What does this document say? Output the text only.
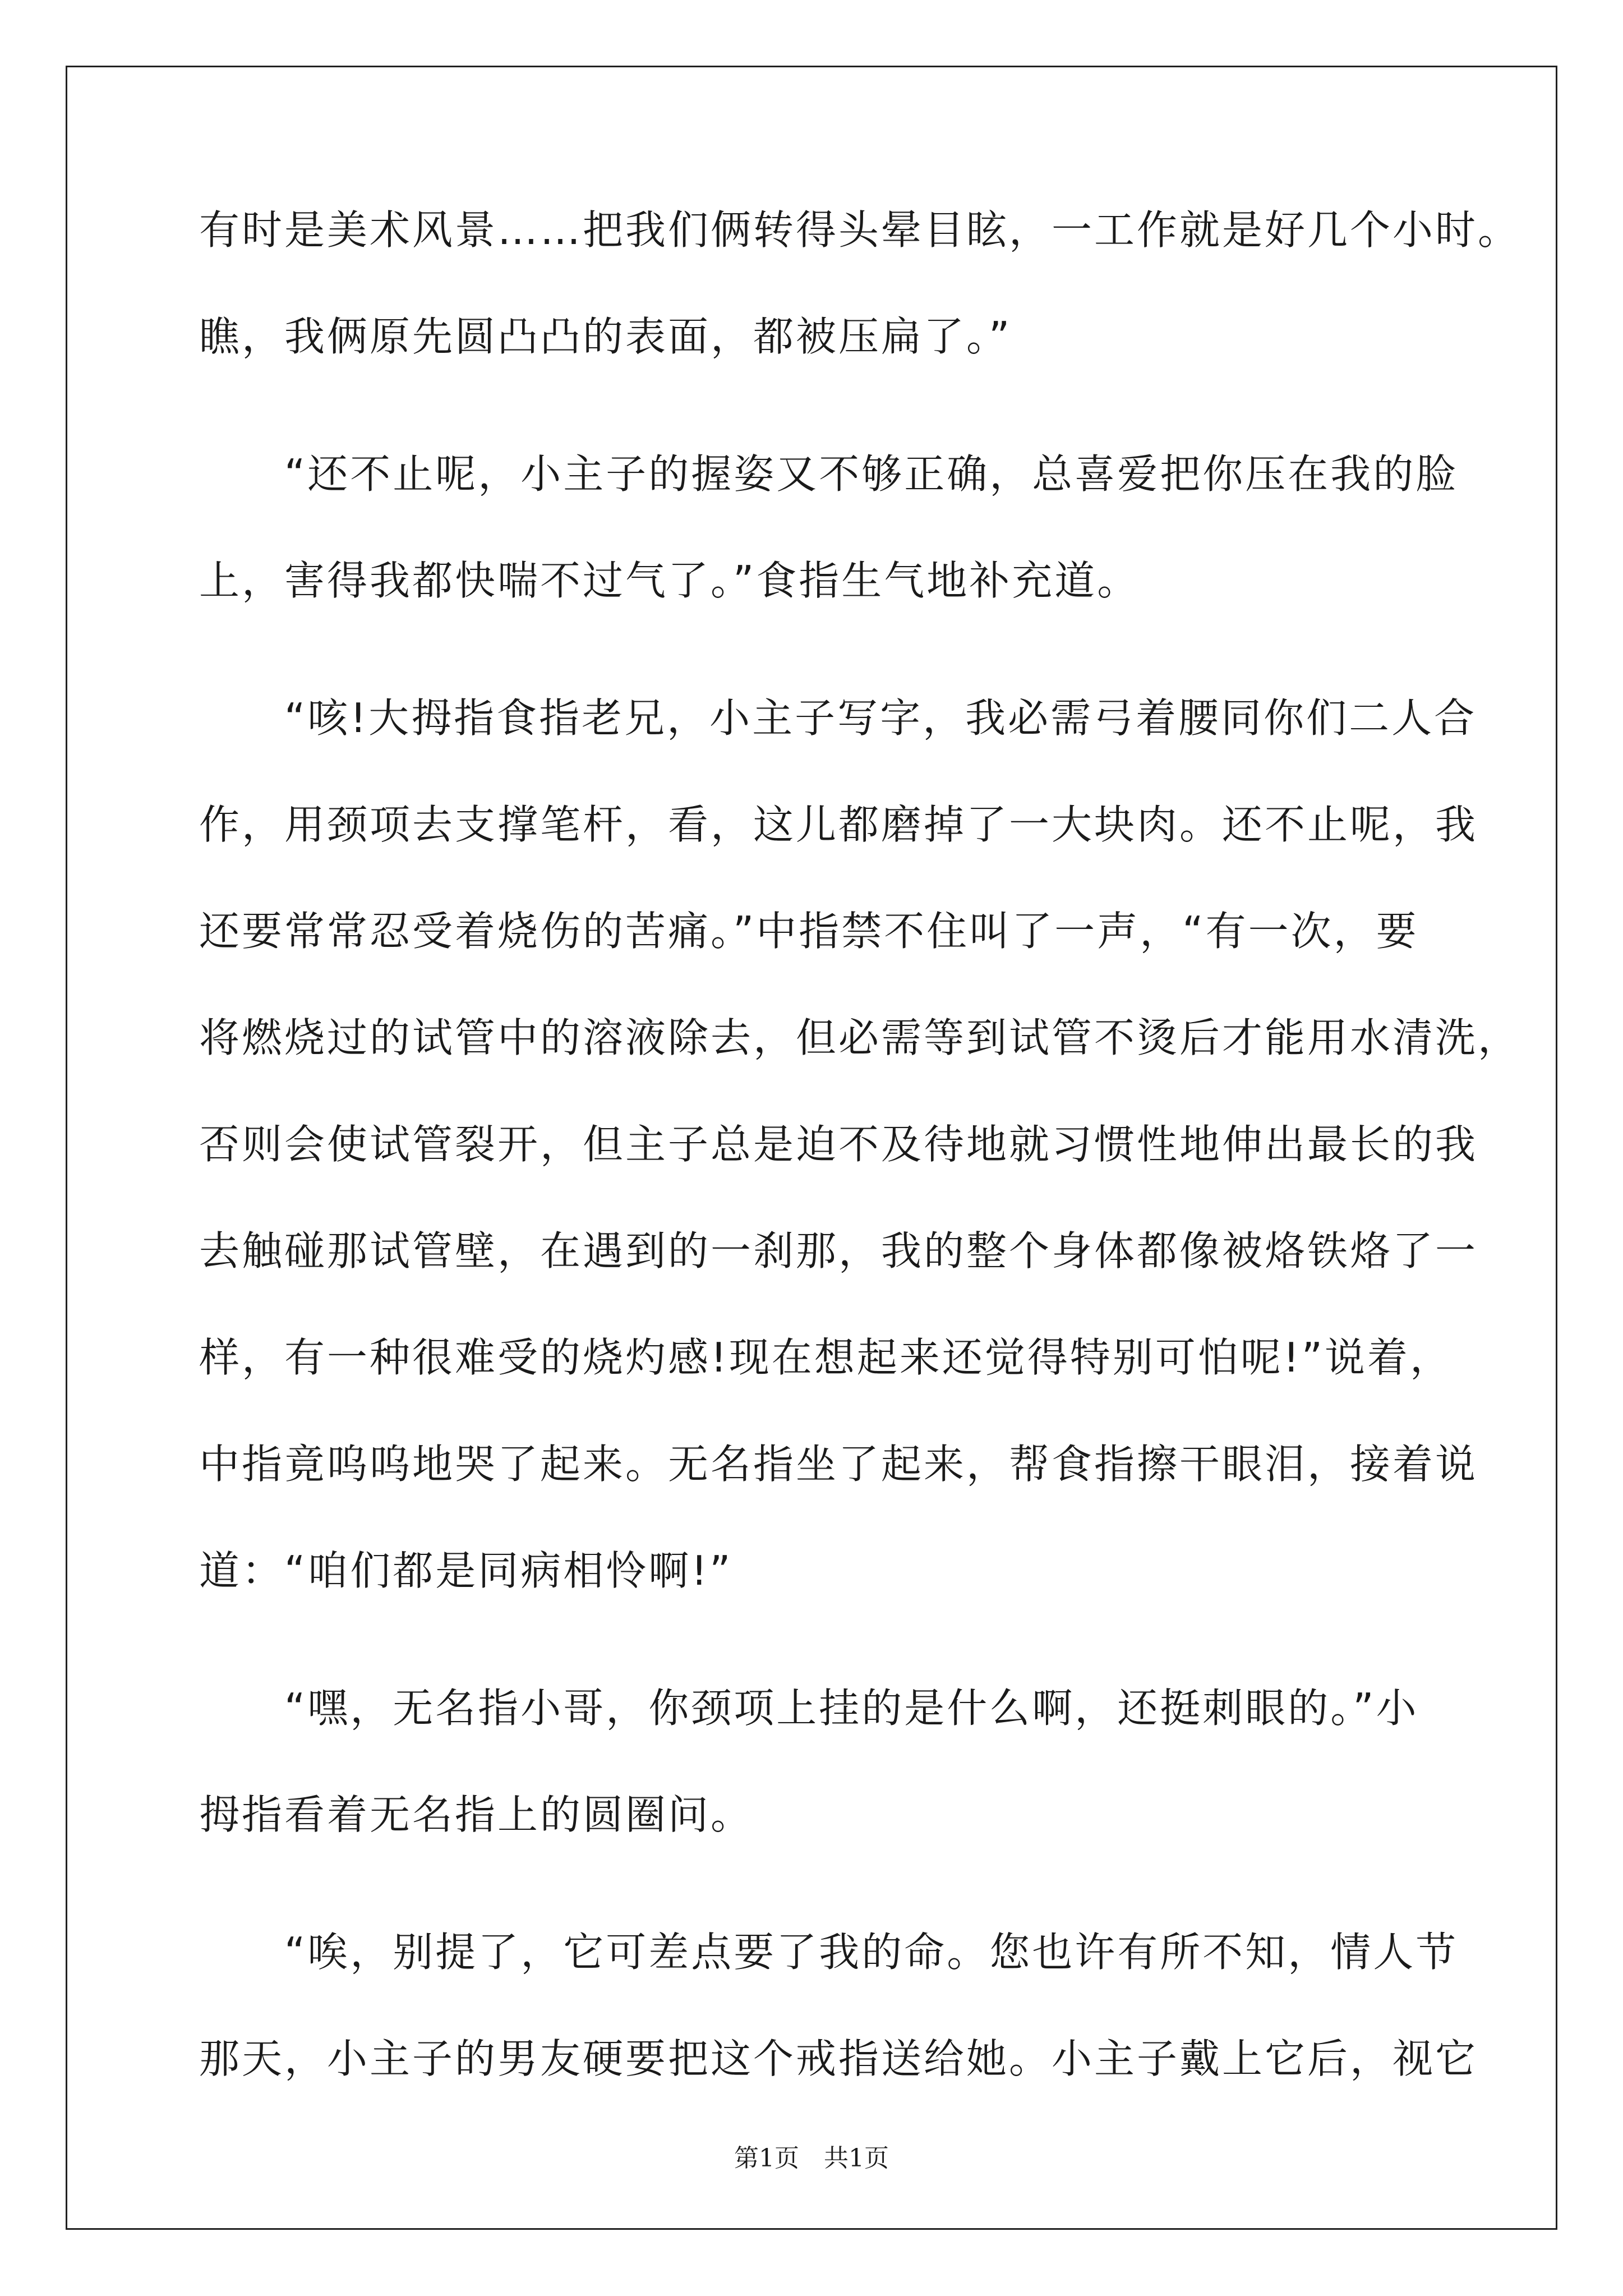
有时是美术风景……把我们俩转得头晕目眩，一工作就是好几个小时。
瞧，我俩原先圆凸凸的表面，都被压扁了。”
　　“还不止呢，小主子的握姿又不够正确，总喜爱把你压在我的脸
上，害得我都快喘不过气了。”食指生气地补充道。
　　“咳!大拇指食指老兄，小主子写字，我必需弓着腰同你们二人合
作，用颈项去支撑笔杆，看，这儿都磨掉了一大块肉。还不止呢，我
还要常常忍受着烧伤的苦痛。”中指禁不住叫了一声，“有一次，要
将燃烧过的试管中的溶液除去，但必需等到试管不烫后才能用水清洗，
否则会使试管裂开，但主子总是迫不及待地就习惯性地伸出最长的我
去触碰那试管壁，在遇到的一刹那，我的整个身体都像被烙铁烙了一
样，有一种很难受的烧灼感!现在想起来还觉得特别可怕呢!”说着，
中指竟呜呜地哭了起来。无名指坐了起来，帮食指擦干眼泪，接着说
道：“咱们都是同病相怜啊!”
　　“嘿，无名指小哥，你颈项上挂的是什么啊，还挺刺眼的。”小
拇指看着无名指上的圆圈问。
　　“唉，别提了，它可差点要了我的命。您也许有所不知，情人节
那天，小主子的男友硬要把这个戒指送给她。小主子戴上它后，视它
第1页　共1页
